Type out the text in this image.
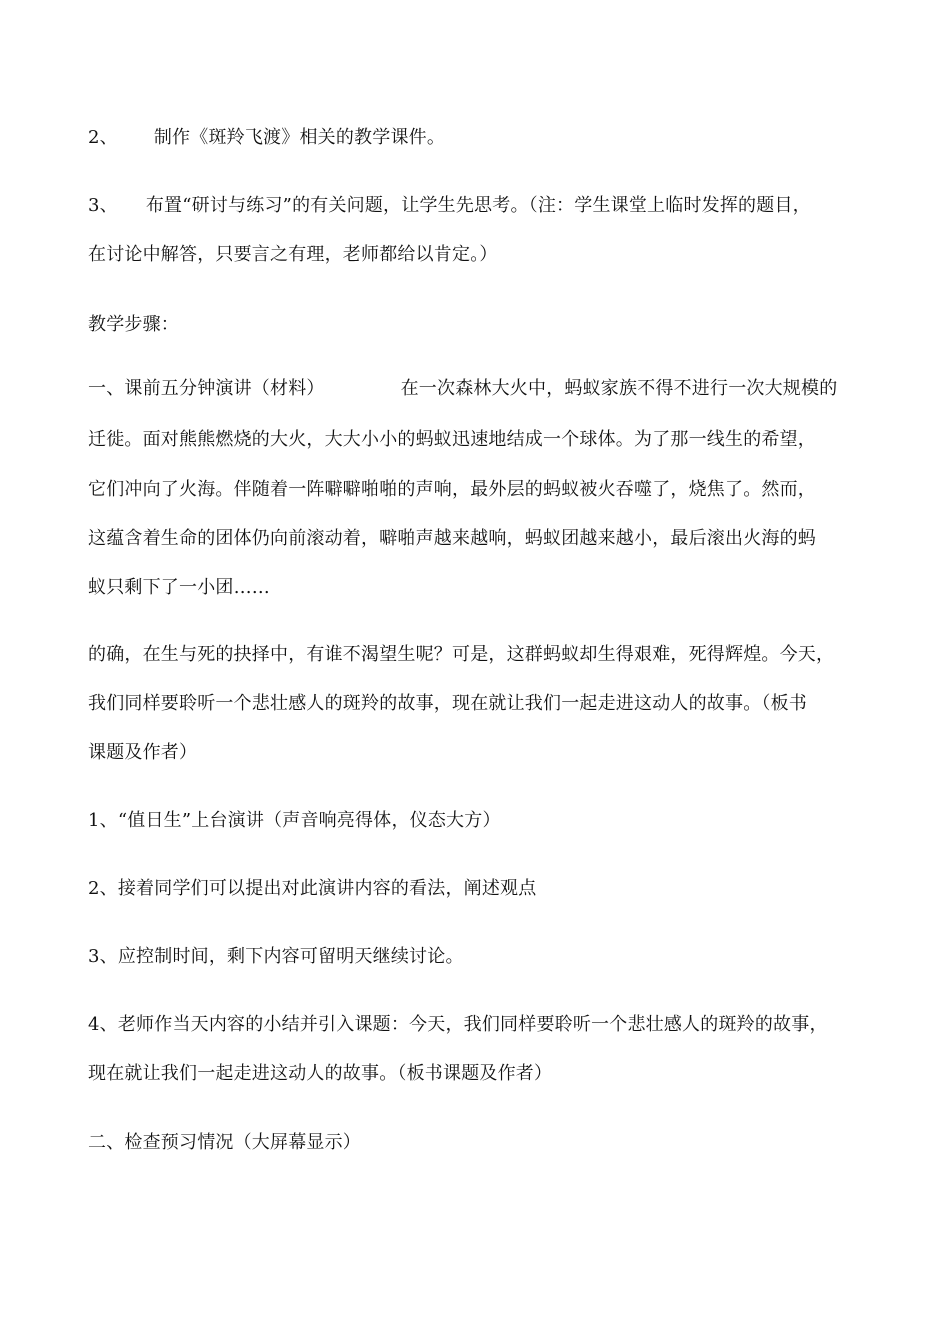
2、 制作《斑羚飞渡》相关的教学课件。
3、 布置“研讨与练习”的有关问题，让学生先思考。（注：学生课堂上临时发挥的题目，
在讨论中解答，只要言之有理，老师都给以肯定。）
教学步骤：
一、课前五分钟演讲（材料）	在一次森林大火中，蚂蚁家族不得不进行一次大规模的
迁徙。面对熊熊燃烧的大火，大大小小的蚂蚁迅速地结成一个球体。为了那一线生的希望，
它们冲向了火海。伴随着一阵噼噼啪啪的声响，最外层的蚂蚁被火吞噬了，烧焦了。然而，
这蕴含着生命的团体仍向前滚动着，噼啪声越来越响，蚂蚁团越来越小，最后滚出火海的蚂
蚁只剩下了一小团……
的确，在生与死的抉择中，有谁不渴望生呢？可是，这群蚂蚁却生得艰难，死得辉煌。今天，
我们同样要聆听一个悲壮感人的斑羚的故事，现在就让我们一起走进这动人的故事。（板书
课题及作者）
1、“值日生”上台演讲（声音响亮得体，仪态大方）
2、接着同学们可以提出对此演讲内容的看法，阐述观点
3、应控制时间，剩下内容可留明天继续讨论。
4、老师作当天内容的小结并引入课题：今天，我们同样要聆听一个悲壮感人的斑羚的故事，
现在就让我们一起走进这动人的故事。（板书课题及作者）
二、检查预习情况（大屏幕显示）
